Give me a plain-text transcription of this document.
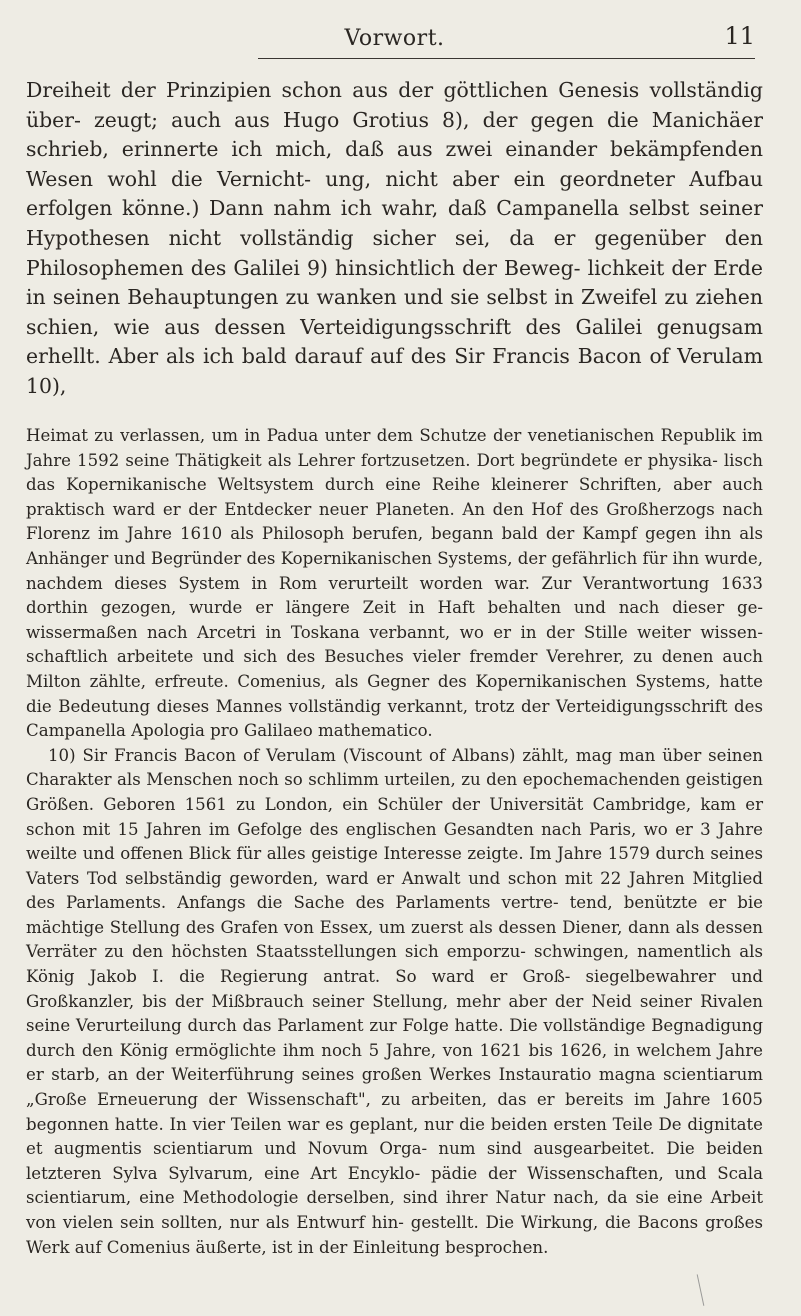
Vorwort.	11

Dreiheit der Prinzipien schon aus der göttlichen Genesis vollständig über- zeugt; auch aus Hugo Grotius 8), der gegen die Manichäer schrieb, erinnerte ich mich, daß aus zwei einander bekämpfenden Wesen wohl die Vernicht- ung, nicht aber ein geordneter Aufbau erfolgen könne.) Dann nahm ich wahr, daß Campanella selbst seiner Hypothesen nicht vollständig sicher sei, da er gegenüber den Philosophemen des Galilei 9) hinsichtlich der Beweg- lichkeit der Erde in seinen Behauptungen zu wanken und sie selbst in Zweifel zu ziehen schien, wie aus dessen Verteidigungsschrift des Galilei genugsam erhellt. Aber als ich bald darauf auf des Sir Francis Bacon of Verulam 10),

Heimat zu verlassen, um in Padua unter dem Schutze der venetianischen Republik im Jahre 1592 seine Thätigkeit als Lehrer fortzusetzen. Dort begründete er physika- lisch das Kopernikanische Weltsystem durch eine Reihe kleinerer Schriften, aber auch praktisch ward er der Entdecker neuer Planeten. An den Hof des Großherzogs nach Florenz im Jahre 1610 als Philosoph berufen, begann bald der Kampf gegen ihn als Anhänger und Begründer des Kopernikanischen Systems, der gefährlich für ihn wurde, nachdem dieses System in Rom verurteilt worden war. Zur Verantwortung 1633 dorthin gezogen, wurde er längere Zeit in Haft behalten und nach dieser ge- wissermaßen nach Arcetri in Toskana verbannt, wo er in der Stille weiter wissen- schaftlich arbeitete und sich des Besuches vieler fremder Verehrer, zu denen auch Milton zählte, erfreute. Comenius, als Gegner des Kopernikanischen Systems, hatte die Bedeutung dieses Mannes vollständig verkannt, trotz der Verteidigungsschrift des Campanella Apologia pro Galilaeo mathematico.

10) Sir Francis Bacon of Verulam (Viscount of Albans) zählt, mag man über seinen Charakter als Menschen noch so schlimm urteilen, zu den epochemachenden geistigen Größen. Geboren 1561 zu London, ein Schüler der Universität Cambridge, kam er schon mit 15 Jahren im Gefolge des englischen Gesandten nach Paris, wo er 3 Jahre weilte und offenen Blick für alles geistige Interesse zeigte. Im Jahre 1579 durch seines Vaters Tod selbständig geworden, ward er Anwalt und schon mit 22 Jahren Mitglied des Parlaments. Anfangs die Sache des Parlaments vertre- tend, benützte er bie mächtige Stellung des Grafen von Essex, um zuerst als dessen Diener, dann als dessen Verräter zu den höchsten Staatsstellungen sich emporzu- schwingen, namentlich als König Jakob I. die Regierung antrat. So ward er Groß- siegelbewahrer und Großkanzler, bis der Mißbrauch seiner Stellung, mehr aber der Neid seiner Rivalen seine Verurteilung durch das Parlament zur Folge hatte. Die vollständige Begnadigung durch den König ermöglichte ihm noch 5 Jahre, von 1621 bis 1626, in welchem Jahre er starb, an der Weiterführung seines großen Werkes Instauratio magna scientiarum „Große Erneuerung der Wissenschaft", zu arbeiten, das er bereits im Jahre 1605 begonnen hatte. In vier Teilen war es geplant, nur die beiden ersten Teile De dignitate et augmentis scientiarum und Novum Orga- num sind ausgearbeitet. Die beiden letzteren Sylva Sylvarum, eine Art Encyklo- pädie der Wissenschaften, und Scala scientiarum, eine Methodologie derselben, sind ihrer Natur nach, da sie eine Arbeit von vielen sein sollten, nur als Entwurf hin- gestellt. Die Wirkung, die Bacons großes Werk auf Comenius äußerte, ist in der Einleitung besprochen.
